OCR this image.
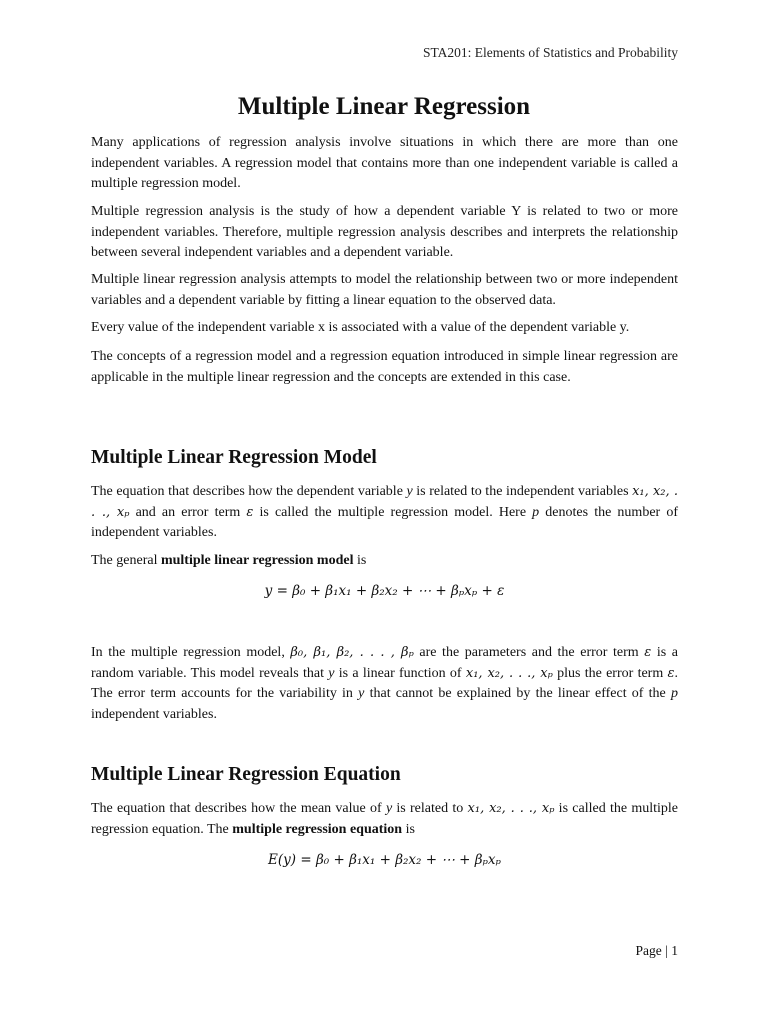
STA201: Elements of Statistics and Probability
Multiple Linear Regression

Many applications of regression analysis involve situations in which there are more than one independent variables. A regression model that contains more than one independent variable is called a multiple regression model.

Multiple regression analysis is the study of how a dependent variable Y is related to two or more independent variables. Therefore, multiple regression analysis describes and interprets the relationship between several independent variables and a dependent variable.

Multiple linear regression analysis attempts to model the relationship between two or more independent variables and a dependent variable by fitting a linear equation to the observed data.

Every value of the independent variable x is associated with a value of the dependent variable y.

The concepts of a regression model and a regression equation introduced in simple linear regression are applicable in the multiple linear regression and the concepts are extended in this case.

Multiple Linear Regression Model

The equation that describes how the dependent variable y is related to the independent variables x₁, x₂, . . ., xₚ and an error term ε is called the multiple regression model. Here p denotes the number of independent variables.

The general multiple linear regression model is

y = β₀ + β₁x₁ + β₂x₂ + ⋯ + βₚxₚ + ε

In the multiple regression model, β₀, β₁, β₂, . . . , βₚ are the parameters and the error term ε is a random variable. This model reveals that y is a linear function of x₁, x₂, . . ., xₚ plus the error term ε. The error term accounts for the variability in y that cannot be explained by the linear effect of the p independent variables.

Multiple Linear Regression Equation

The equation that describes how the mean value of y is related to x₁, x₂, . . ., xₚ is called the multiple regression equation. The multiple regression equation is

E(y) = β₀ + β₁x₁ + β₂x₂ + ⋯ + βₚxₚ

Page | 1
